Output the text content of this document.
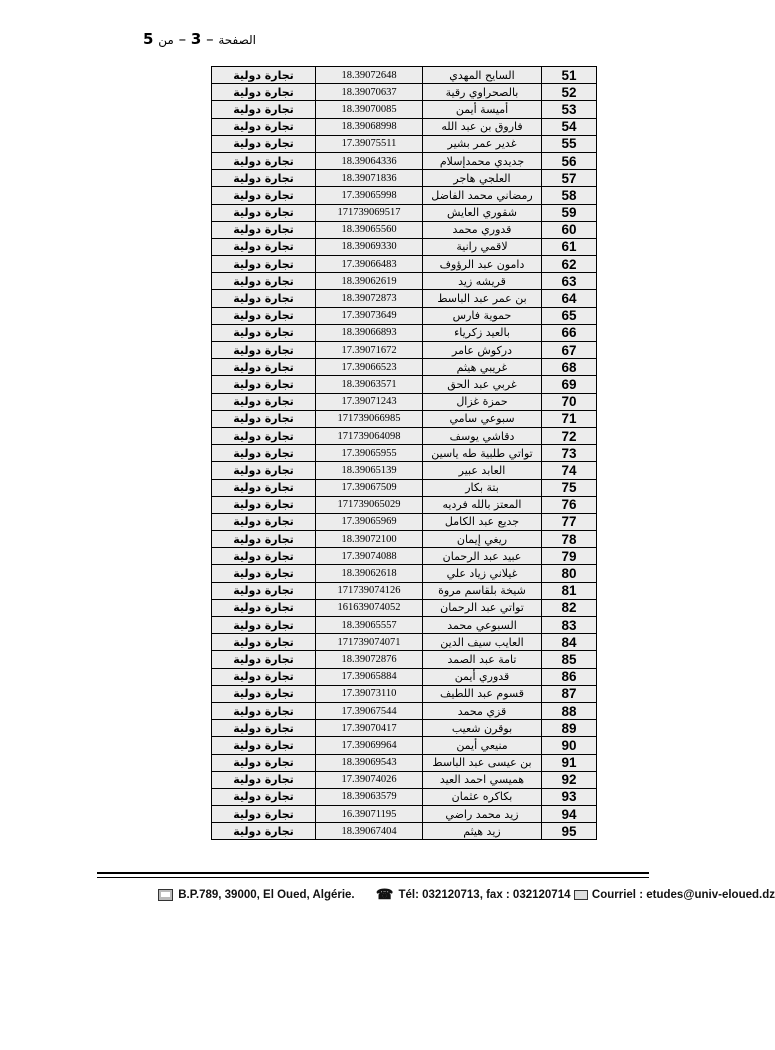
الصفحة – 3 – من 5
تجارة دولية	18.39072648	السايح المهدي	51
تجارة دولية	18.39070637	بالصحراوي رقية	52
تجارة دولية	18.39070085	أميسة أيمن	53
تجارة دولية	18.39068998	فاروق بن عبد الله	54
تجارة دولية	17.39075511	غدير عمر بشير	55
تجارة دولية	18.39064336	جديدي محمدإسلام	56
تجارة دولية	18.39071836	العلجي هاجر	57
تجارة دولية	17.39065998	رمضاني محمد الفاضل	58
تجارة دولية	171739069517	شقوري العايش	59
تجارة دولية	18.39065560	قدوري محمد	60
تجارة دولية	18.39069330	لاقمي رانية	61
تجارة دولية	17.39066483	دامون عبد الرؤوف	62
تجارة دولية	18.39062619	قريشه زيد	63
تجارة دولية	18.39072873	بن عمر عبد الباسط	64
تجارة دولية	17.39073649	حموية فارس	65
تجارة دولية	18.39066893	بالعيد زكرياء	66
تجارة دولية	17.39071672	دركوش عامر	67
تجارة دولية	17.39066523	غريبي هيثم	68
تجارة دولية	18.39063571	غربي عبد الحق	69
تجارة دولية	17.39071243	حمزة غزال	70
تجارة دولية	171739066985	سبوعي سامي	71
تجارة دولية	171739064098	دقاشي يوسف	72
تجارة دولية	17.39065955	تواتي طلبية طه ياسين	73
تجارة دولية	18.39065139	العابد عبير	74
تجارة دولية	17.39067509	بتة بكار	75
تجارة دولية	171739065029	المعتز بالله فرديه	76
تجارة دولية	17.39065969	جديع عبد الكامل	77
تجارة دولية	18.39072100	ريغي إيمان	78
تجارة دولية	17.39074088	عبيد عبد الرحمان	79
تجارة دولية	18.39062618	غيلاني زياد علي	80
تجارة دولية	171739074126	شيخة بلقاسم مروة	81
تجارة دولية	161639074052	تواتي عبد الرحمان	82
تجارة دولية	18.39065557	السبوعي محمد	83
تجارة دولية	171739074071	العايب سيف الدين	84
تجارة دولية	18.39072876	تامة عبد الصمد	85
تجارة دولية	17.39065884	قدوري أيمن	86
تجارة دولية	17.39073110	قسوم عبد اللطيف	87
تجارة دولية	17.39067544	قزي محمد	88
تجارة دولية	17.39070417	بوقرن شعيب	89
تجارة دولية	17.39069964	منيعي أيمن	90
تجارة دولية	18.39069543	بن عيسى عبد الباسط	91
تجارة دولية	17.39074026	هميسي احمد العيد	92
تجارة دولية	18.39063579	بكاكره عثمان	93
تجارة دولية	16.39071195	زيد محمد راضي	94
تجارة دولية	18.39067404	زيد هيثم	95
B.P.789, 39000, El Oued, Algérie. ☎ Tél: 032120713, fax : 032120714 Courriel : etudes@univ-eloued.dz
